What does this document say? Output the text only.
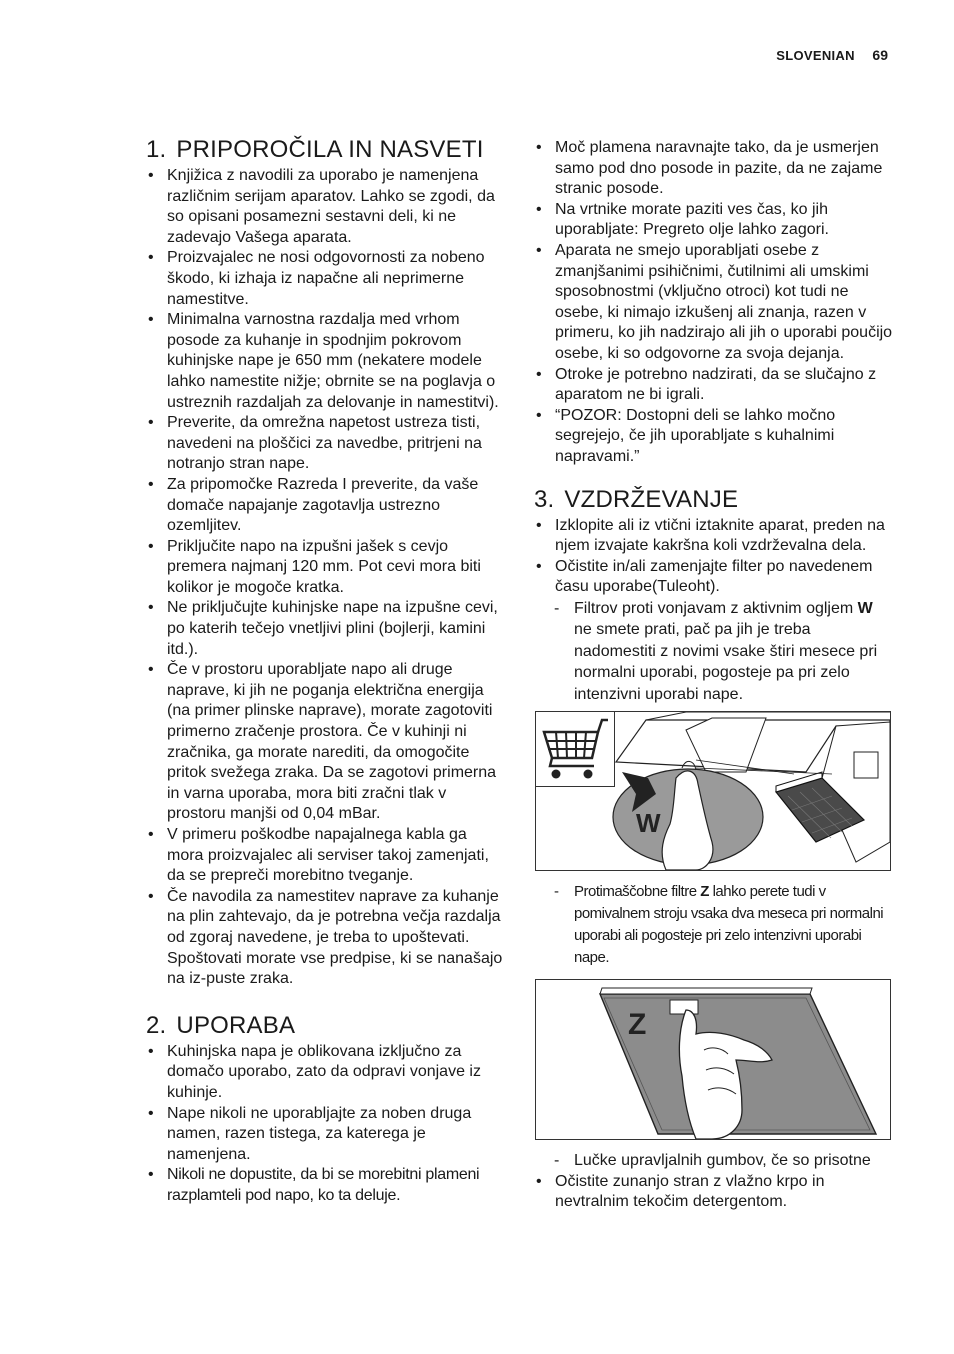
SLOVENIAN 69
1. PRIPOROČILA IN NASVETI
• Knjižica z navodili za uporabo je namenjena različnim serijam aparatov. Lahko se zgodi, da so opisani posamezni sestavni deli, ki ne zadevajo Vašega aparata.
• Proizvajalec ne nosi odgovornosti za nobeno škodo, ki izhaja iz napačne ali neprimerne namestitve.
• Minimalna varnostna razdalja med vrhom posode za kuhanje in spodnjim pokrovom kuhinjske nape je 650 mm (nekatere modele lahko namestite nižje; obrnite se na poglavja o ustreznih razdaljah za delovanje in namestitvi).
• Preverite, da omrežna napetost ustreza tisti, navedeni na ploščici za navedbe, pritrjeni na notranjo stran nape.
• Za pripomočke Razreda I preverite, da vaše domače napajanje zagotavlja ustrezno ozemljitev.
• Priključite napo na izpušni jašek s cevjo premera najmanj 120 mm. Pot cevi mora biti kolikor je mogoče kratka.
• Ne priključujte kuhinjske nape na izpušne cevi, po katerih tečejo vnetljivi plini (bojlerji, kamini itd.).
• Če v prostoru uporabljate napo ali druge naprave, ki jih ne poganja električna energija (na primer plinske naprave), morate zagotoviti primerno zračenje prostora. Če v kuhinji ni zračnika, ga morate narediti, da omogočite pritok svežega zraka. Da se zagotovi primerna in varna uporaba, mora biti zračni tlak v prostoru manjši od 0,04 mBar.
• V primeru poškodbe napajalnega kabla ga mora proizvajalec ali serviser takoj zamenjati, da se prepreči morebitno tveganje.
• Če navodila za namestitev naprave za kuhanje na plin zahtevajo, da je potrebna večja razdalja od zgoraj navedene, je treba to upoštevati. Spoštovati morate vse predpise, ki se nanašajo na iz-puste zraka.
2. UPORABA
• Kuhinjska napa je oblikovana izključno za domačo uporabo, zato da odpravi vonjave iz kuhinje.
• Nape nikoli ne uporabljajte za noben druga namen, razen tistega, za katerega je namenjena.
• Nikoli ne dopustite, da bi se morebitni plameni razplamteli pod napo, ko ta deluje.
• Moč plamena naravnajte tako, da je usmerjen samo pod dno posode in pazite, da ne zajame stranic posode.
• Na vrtnike morate paziti ves čas, ko jih uporabljate: Pregreto olje lahko zagori.
• Aparata ne smejo uporabljati osebe z zmanjšanimi psihičnimi, čutilnimi ali umskimi sposobnostmi (vključno otroci) kot tudi ne osebe, ki nimajo izkušenj ali znanja, razen v primeru, ko jih nadzirajo ali jih o uporabi poučijo osebe, ki so odgovorne za svoja dejanja.
• Otroke je potrebno nadzirati, da se slučajno z aparatom ne bi igrali.
• “POZOR: Dostopni deli se lahko močno segrejejo, če jih uporabljate s kuhalnimi napravami.”
3. VZDRŽEVANJE
• Izklopite ali iz vtični iztaknite aparat, preden na njem izvajate kakršna koli vzdrževalna dela.
• Očistite in/ali zamenjajte filter po navedenem času uporabe(Tuleoht).
- Filtrov proti vonjavam z aktivnim ogljem W ne smete prati, pač pa jih je treba nadomestiti z novimi vsake štiri mesece pri normalni uporabi, pogosteje pa pri zelo intenzivni uporabi nape.
W
- Protimaščobne filtre Z lahko perete tudi v pomivalnem stroju vsaka dva meseca pri normalni uporabi ali pogosteje pri zelo intenzivni uporabi nape.
Z
- Lučke upravljalnih gumbov, če so prisotne
• Očistite zunanjo stran z vlažno krpo in nevtralnim tekočim detergentom.
